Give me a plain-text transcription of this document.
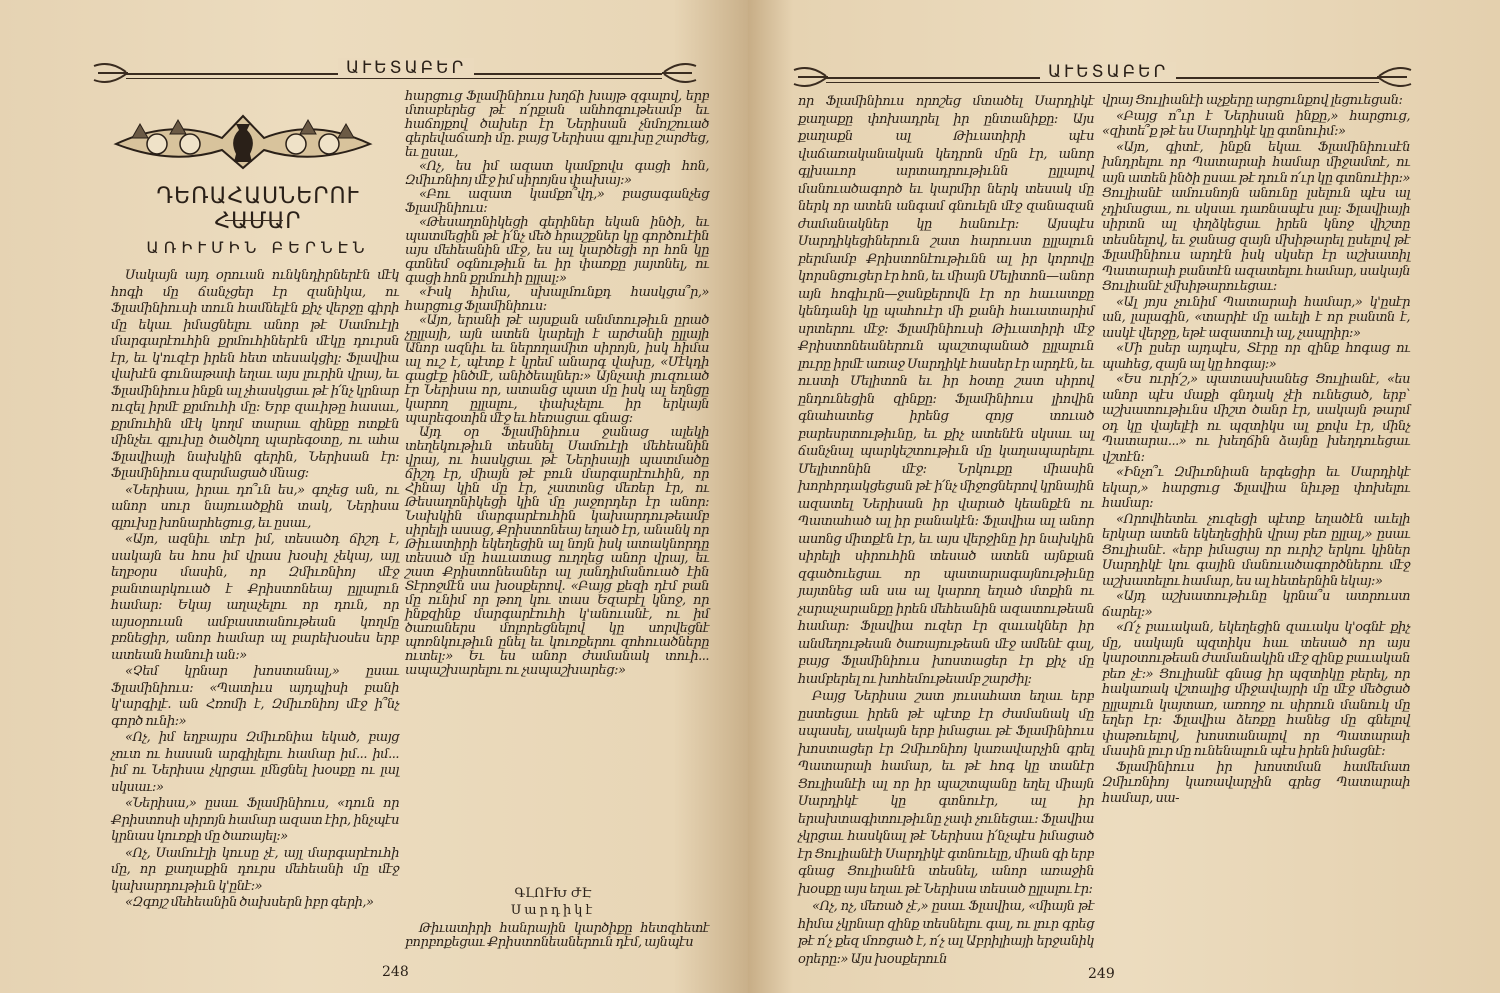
ԱՒԵՏԱԲԵՐ
ԴԵՌԱՀԱՍՆԵՐՈՒ ՀԱՄԱՐ
ԱՌԻՒՄԻՆ ԲԵՐՆԷՆ

Սակայն այդ օրուան ունկնդիրներէն մէկ հոգի մը ճանչցեր էր զանիկա, ու Ֆլամինիուսի տուն համնելէն քիչ վերջը գիրի մը եկաւ իմացնելու անոր թէ Սամուէլի մարգարէուհին քրմուհիներէն մէկը դուրսն էր, եւ կ'ուզէր իրեն հետ տեսակցիլ։ Ֆլավիա վախէն գունաթափ եղաւ այս լուրին վրայ, եւ Ֆլամինիուս ինքն ալ չհասկցաւ թէ ի՛նչ կրնար ուզել իրմէ քրմուհի մը։ Երբ զաւիթը հասաւ, քրմուհին մէկ կողմ տարաւ զինքը ոտքէն մինչեւ գլուխը ծածկող պարեգօտը, ու ահա Ֆլավիայի նախկին գերին, Ներիսան էր։ Ֆլամինիուս զարմացած մնաց։

«Ներիսա, իրաւ դո՞ւն ես,» գոչեց ան, ու անոր սուր նայուածքին տակ, Ներիսա գլուխը խոնարհեցուց, եւ ըսաւ,

«Այո, ազնիւ տէր իմ, տեսածդ ճիշդ է, սակայն ես հոս իմ վրաս խօսիլ չեկայ, այլ եղբօրս մասին, որ Զմիւռնիոյ մէջ բանտարկուած է Քրիստոնեայ ըլլալուն համար։ Եկայ աղաչելու որ դուն, որ այսօրուան ամբաստանութեան կողմը բռնեցիր, անոր համար ալ բարեխօսես երբ ատեան հանուի ան։»

«Չեմ կրնար խոստանալ,» ըսաւ Ֆլամինիուս։ «Պատիւս այդպիսի բանի կ'արգիլէ. ան Հռոմի է, Զմիւռնիոյ մէջ ի՞նչ գործ ունի։»

«Ոչ, իմ եղբայրս Զմիւռնիա եկած, բայց չուտ ու հասան արգիլելու համար իմ... իմ... իմ ու Ներիսա չկրցաւ լմնցնել խօսքը ու լալ սկսաւ։»

«Ներիսա,» ըսաւ Ֆլամինիուս, «դուն որ Քրիստոսի սիրոյն համար ազատ էիր, ինչպէս կրնաս կուռքի մը ծառայել։»

«Ոչ, Սամուէլի կուսը չէ, այլ մարգարէուհի մը, որ քաղաքին դուրս մեհեանի մը մէջ կախարդութիւն կ'ընէ։»

«Զգոյշ մեհեանին ծախսերն իբր գերի,»

հարցուց Ֆլամինիուս խղճի խայթ զգալով, երբ մտաբերեց թէ ո՛րքան անհոգութեամբ եւ հաճոյքով ծախեր էր Ներիսան չնմոյշուած գերեվաճառի մը. բայց Ներիսա գլուխը շարժեց, եւ ըսաւ,

«Ոչ, ես իմ ազատ կամքովս գացի հոն, Զմիւռնիոյ մէջ իմ սիրոյնս փախայ։»

«Բու ազատ կամքո՞վդ,» բացագանչեց Ֆլամինիուս։

«Թեսաղոնիկեցի գերիներ եկան ինծի, եւ պատմեցին թէ ի՛նչ մեծ հրաշքներ կը գործուէին այս մեհեանին մէջ, ես ալ կարծեցի որ հոն կը գտնեմ օգնութիւն եւ իր փառքը յայտնել, ու գացի հոն քրմուհի ըլլալ։»

«Իսկ հիմա, սխալմունքդ հասկցա՞ր,» հարցուց Ֆլամինիուս։

«Այո, երանի թէ այսքան անմտութիւն ըրած չըլլայի, այն ատեն կարելի է արժանի ըլլայի Անոր ազնիւ եւ ներողամիտ սիրոյն, իսկ հիմա ալ ուշ է, պէտք է կրեմ անարգ վախը, «Մէկդի գացէք ինծմէ, անիծեալներ։» Այնչափ յուզուած էր Ներիսա որ, ատանց պատ մը իսկ ալ եղնցը կարող ըլլալու, փախչելու իր երկայն պարեգօտին մէջ եւ հեռացաւ գնաց։

Այդ օր Ֆլամինիուս ջանաց ալեկի տեղեկութիւն տեսնել Սամուէլի մեհեանին վրայ, ու հասկցաւ թէ Ներիսայի պատմածը ճիշդ էր, միայն թէ բուն մարգարէուհին, որ Հինայ կին մը էր, չատտնց մեռեր էր, ու Թեսաղոնիկեցի կին մը յաջորդեր էր անոր։ Նախկին մարգարէուհին կախարդութեամբ սիրելի ասաց, Քրիստոնեայ եղած էր, անանկ որ Թիւատիրի եկեղեցին ալ նոյն իսկ ատակնորդը տեսած մը հաւատաց ուղղեց անոր վրայ, եւ շատ Քրիստոնեաներ ալ յանդիմանուած էին Տէրոջմէն սա խօսքերով. «Բայց քեզի դէմ բան մը ունիմ որ թող կու տաս Եզաբէլ կնոջ, որ ինքզինք մարգարէուհի կ'անուանէ, ու իմ ծառաներս մոլորեցնելով կը սորվեցնէ պոռնկութիւն ընել եւ կուռքերու զոհուածները ուտել։» Եւ ես անոր ժամանակ տուի... ապաշխարելու ու չապաշխարեց։»

ԳԼՈՒԽ ԺԷ
Սարդիկէ

Թիւատիրի հանրային կարծիքը հետզհետէ բորբոքեցաւ Քրիստոնեաներուն դէմ, այնպէս

248
ԱՒԵՏԱԲԵՐ

որ Ֆլամինիուս որոշեց մտածել Սարդիկէ քաղաքը փոխադրել իր ընտանիքը։ Այս քաղաքն ալ Թիւատիրի պէս վաճառականական կեդրոն մըն էր, անոր գլխաւոր արտադրութիւնն ըլլալով մանուածագործ եւ կարմիր ներկ տեսակ մը ներկ որ ատեն անգամ գնուելն մէջ զանազան ժամանակներ կը հանուէր։ Այսպէս Սարդիկեցիներուն շատ հարուստ ըլլալուն բերմամբ Քրիստոնէութիւնն ալ իր կորովը կորսնցուցեր էր հոն, եւ միայն Մելիտոն—անոր այն հոգիւրն—ջանքերովն էր որ հաւատքը կենդանի կը պահուէր մի քանի հաւատարիմ սրտերու մէջ։ Ֆլամինիուսի Թիւատիրի մէջ Քրիստոնեաներուն պաշտպանած ըլլալուն լուրը իրմէ առաջ Սարդիկէ հասեր էր արդէն, եւ ուստի Մելիտոն եւ իր հօտը շատ սիրով ընդունեցին զինքը։ Ֆլամինիուս լիովին գնահատեց իրենց զոյց տուած բարեսրտութիւնը, եւ քիչ ատենէն սկսաւ ալ ճանչնալ պարկեշտութիւն մը կաղապարելու Մելիտոնին մէջ։ Նրկուքը միասին խորհրդակցեցան թէ ի՛նչ միջոցներով կրնային ազատել Ներիսան իր վարած կեանքէն ու Պատահած ալ իր բանակէն։ Ֆլավիա ալ անոր ասոնց միտքէն էր, եւ այս վերջինը իր նախկին սիրելի սիրուհին տեսած ատեն այնքան զգածուեցաւ որ պատարագայնութիւնը յայտնեց ան սա ալ կարող եղած մտքին ու չարաչարանքը իրեն մեհեանին ազատութեան համար։ Ֆլավիա ուզեր էր զաւակներ իր անմեղութեան ծառայութեան մէջ ամենէ գալ, բայց Ֆլամինիուս խոստացեր էր քիչ մը համբերել ու խոհեմութեամբ շարժիլ։

Բայց Ներիսա շատ յուսահատ եղաւ երբ ըստեցաւ իրեն թէ պէտք էր ժամանակ մը սպասել, սակայն երբ իմացաւ թէ Ֆլամինիուս խոստացեր էր Զմիւռնիոյ կառավարչին գրել Պատարաի համար, եւ թէ հոգ կը տանէր Ցուլիանէի ալ որ իր պաշտպանը եղել միայն Սարդիկէ կը գտնուէր, ալ իր երախտագիտութիւնը չափ չունեցաւ։ Ֆլավիա չկրցաւ հասկնալ թէ Ներիսա ի՛նչպէս իմացած էր Ցուլիանէի Սարդիկէ գտնուելը, միան գի երբ գնաց Ցուլիանէն տեսնել, անոր առաջին խօսքը այս եղաւ թէ Ներիսա տեսած ըլլալու էր։

«Ոչ, ոչ, մեռած չէ,» ըսաւ Ֆլավիա, «միայն թէ հիմա չկրնար զինք տեսնելու գալ, ու լուր գրեց թէ ո՛չ քեզ մոռցած է, ո՛չ ալ Աբրիլիայի երջանիկ օրերը։» Այս խօսքերուն

վրայ Ցուլիանէի աչքերը արցունքով լեցուեցան։

«Բայց ո՞ւր է Ներիսան ինքը,» հարցուց, «զիտե՞ք թէ ես Սարդիկէ կը գտնուիմ։»

«Այո, գիտէ, ինքն եկաւ Ֆլամինիուսէն խնդրելու որ Պատարաի համար միջամտէ, ու այն ատեն ինծի ըսաւ թէ դուն ո՛ւր կը գտնուէիր։» Ցուլիանէ ամուսնոյն անունը լսելուն պէս ալ չդիմացաւ, ու սկսաւ դառնապէս լալ։ Ֆլավիայի սիրտն ալ փղձկեցաւ իրեն կնոջ վիշտը տեսնելով, եւ ջանաց զայն մխիթարել ըսելով թէ Ֆլամինիուս արդէն իսկ սկսեր էր աշխատիլ Պատարաի բանտէն ազատելու համար, սակայն Ցուլիանէ չմխիթարուեցաւ։

«Ալ յոյս չունիմ Պատարաի համար,» կ'ըսէր ան, լալագին, «տարիէ մը աւելի է որ բանտն է, ասկէ վերջը, եթէ ազատուի ալ, չապրիր։»

«Մի ըսեր այդպէս, Տէրը որ զինք հոգաց ու պահեց, զայն ալ կը հոգայ։»

«Ես ուրի՛շ,» պատասխանեց Ցուլիանէ, «ես անոր պէս մաքի գնդակ չէի ունեցած, երբ՝ աշխատութիւնս միշտ ծանր էր, սակայն թարմ օդ կը վայելէի ու պզտիկս ալ քովս էր, մինչ Պատարա...» ու խեղճին ձայնը խեղդուեցաւ վշտէն։

«Ինչո՞ւ Զմիւռնիան երգեցիր եւ Սարդիկէ եկար,» հարցուց Ֆլավիա նիւթը փոխելու համար։

«Որովհետեւ չուզեցի պէտք եղածէն աւելի երկար ատեն եկեղեցիին վրայ բեռ ըլլալ,» ըսաւ Ցուլիանէ. «երբ իմացայ որ ուրիշ երկու կիներ Սարդիկէ կու գային մանուածագործներու մէջ աշխատելու համար, ես ալ հետերնին եկայ։»

«Այդ աշխատութիւնը կրնա՞ս ատրուստ ճարել։»

«Ո՛չ բաւական, եկեղեցին զաւակս կ'օգնէ քիչ մը, սակայն պզտիկս հաւ տեսած որ այս կարօտութեան ժամանակին մէջ զինք բաւական բեռ չէ։» Ցուլիանէ գնաց իր պզտիկը բերել, որ հակառակ վշտալից միջավայրի մը մէջ մեծցած ըլլալուն կայտառ, առողջ ու սիրուն մանուկ մը եղեր էր։ Ֆլավիա ձեռքը հանեց մը գնելով փաթուելով, խոստանալով որ Պատարաի մասին լուր մը ունենալուն պէս իրեն իմացնէ։

Ֆլամինիուս իր խոստման համեմատ Զմիւռնիոյ կառավարչին գրեց Պատարաի համար, սա-

249
